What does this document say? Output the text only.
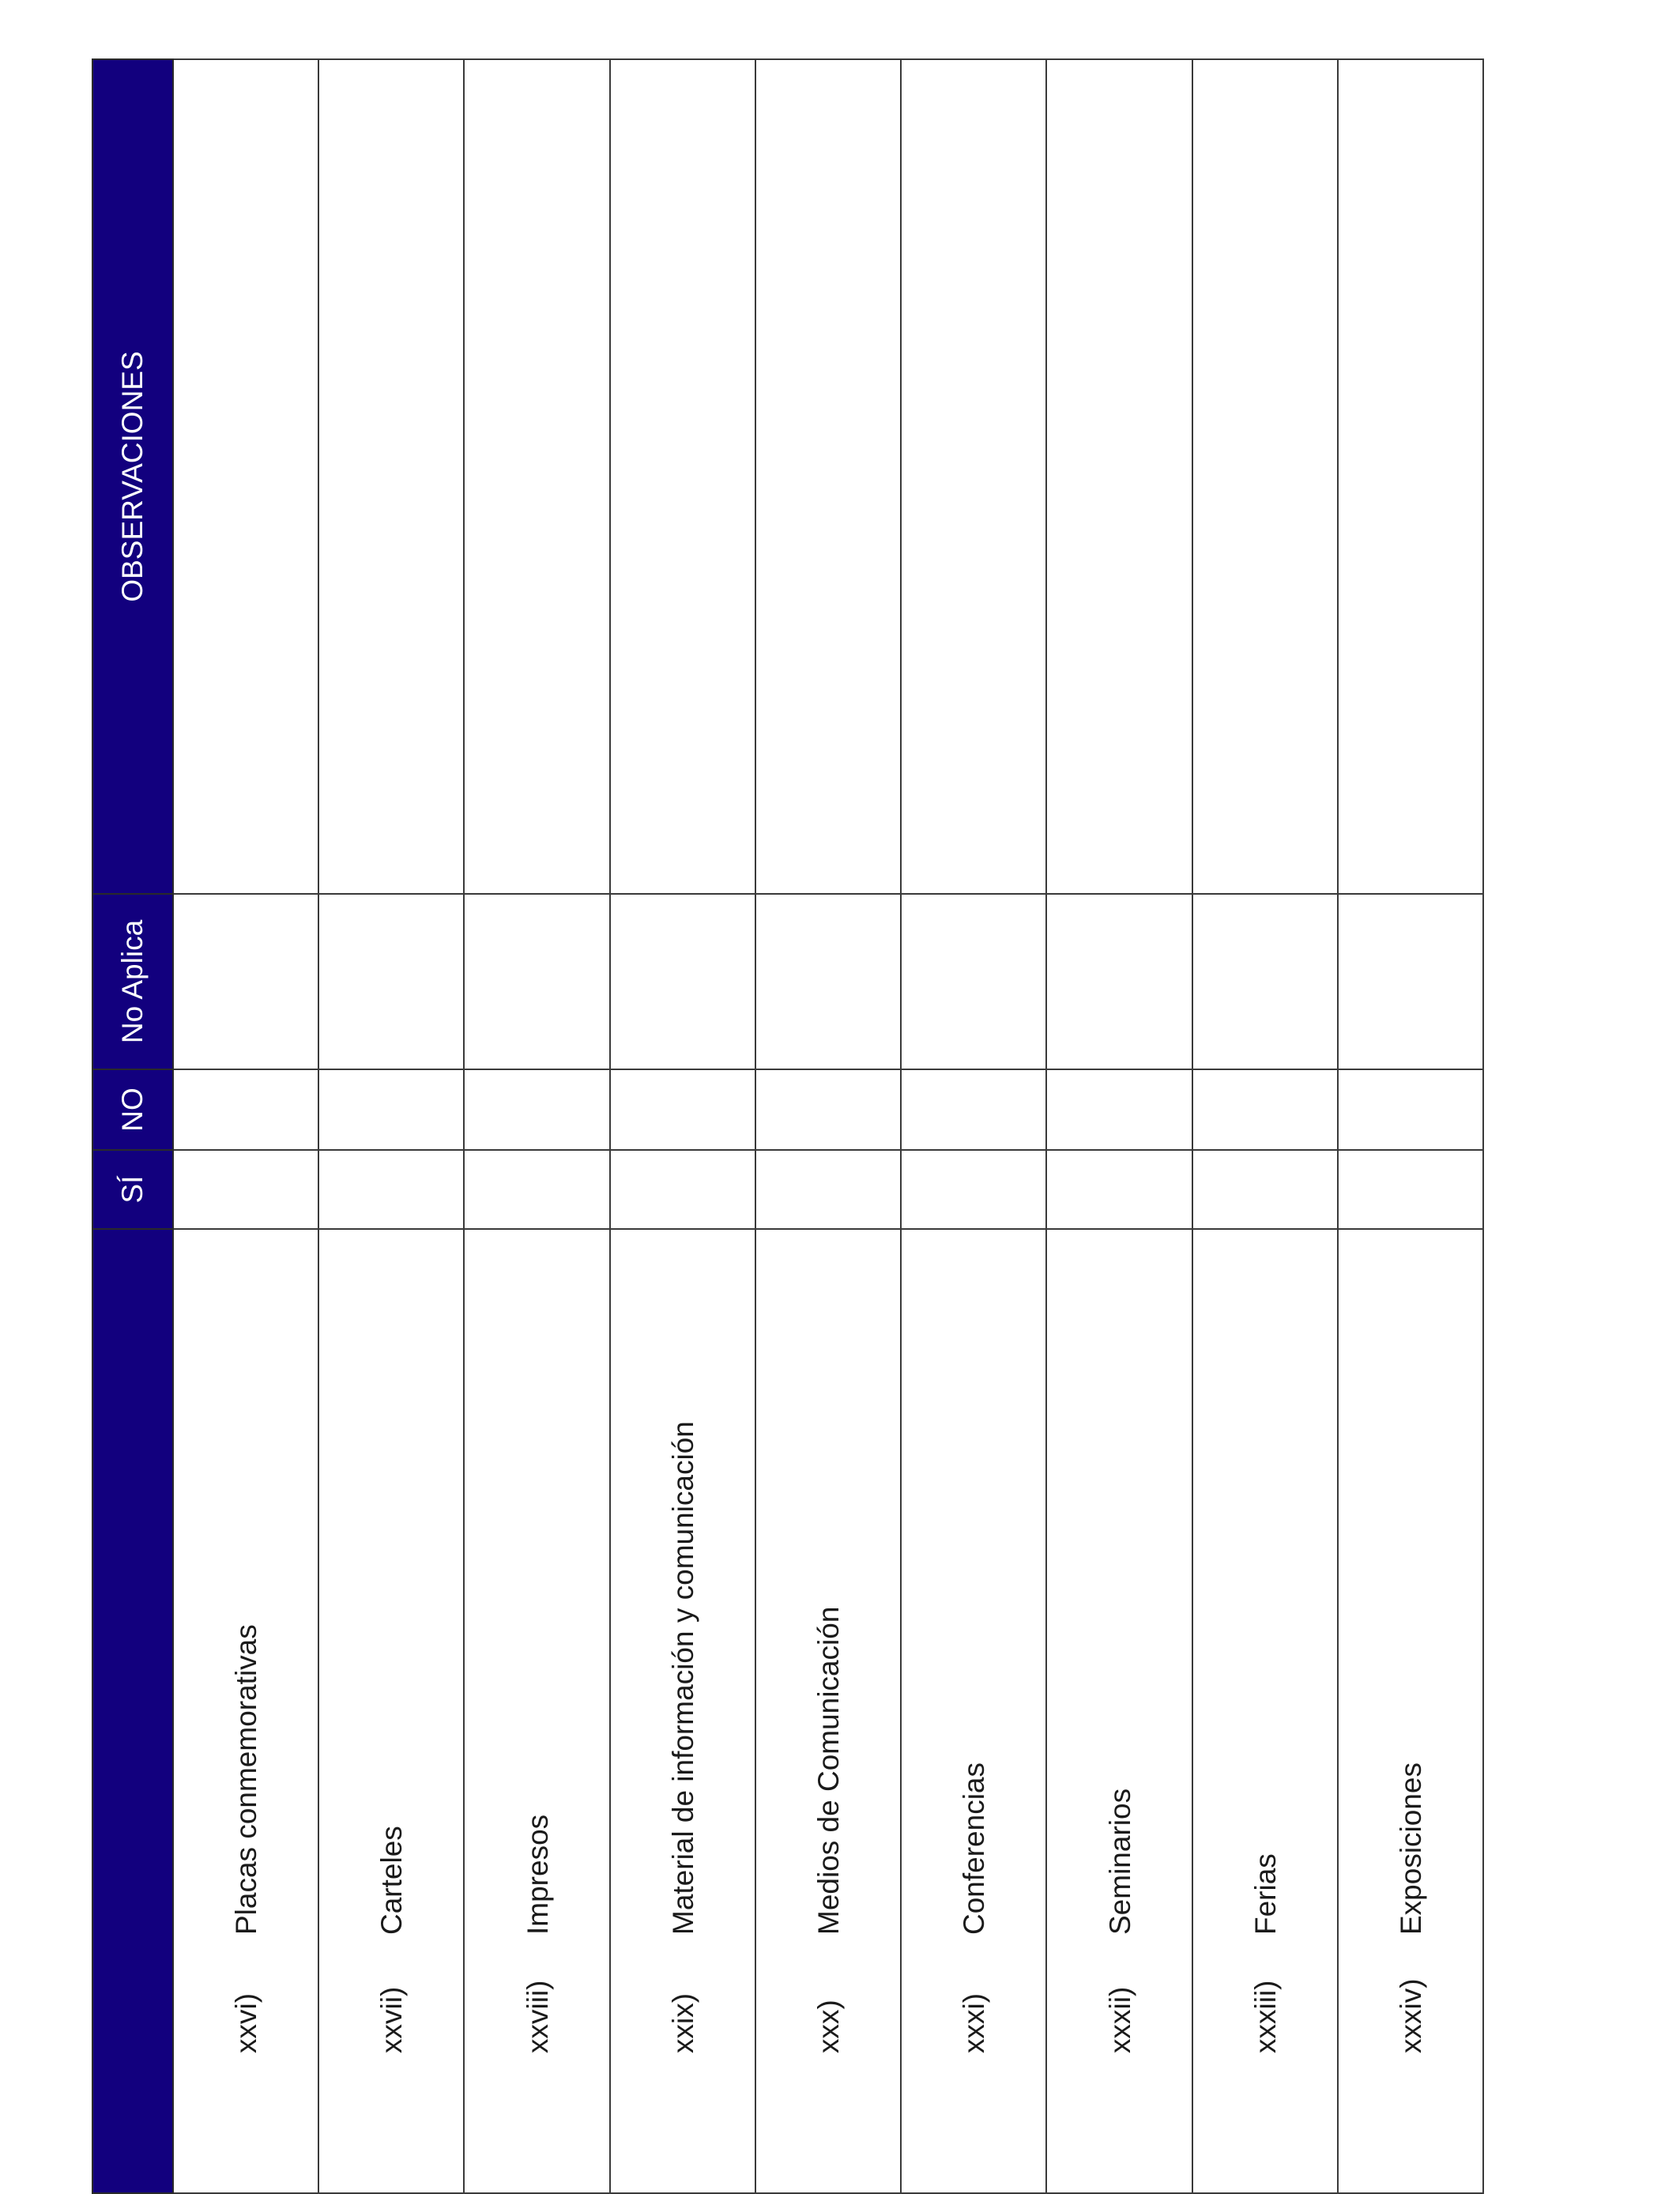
	SÍ	NO	No Aplica	OBSERVACIONES
xxvi)Placas conmemorativas				
xxvii)Carteles				
xxviii)Impresos				
xxix)Material de información y comunicación				
xxx)Medios de Comunicación				
xxxi)Conferencias				
xxxii)Seminarios				
xxxiii)Ferias				
xxxiv)Exposiciones				
